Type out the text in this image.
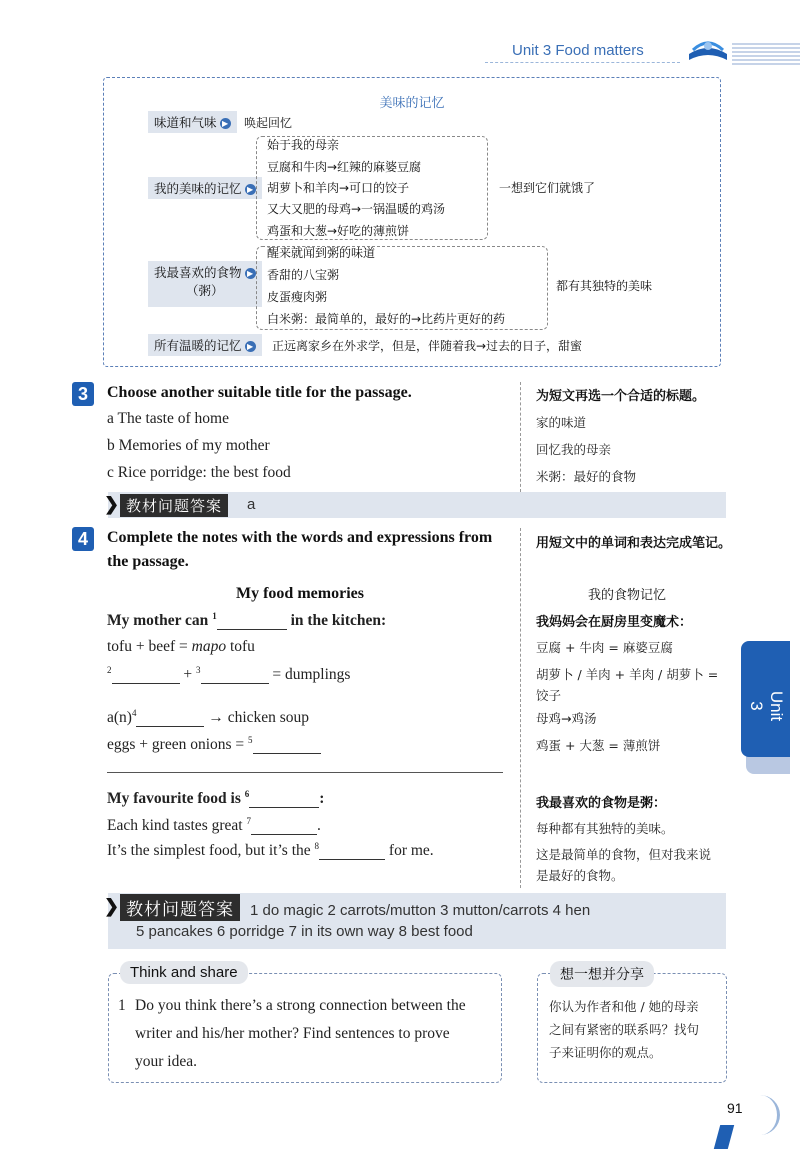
Unit 3 Food matters
美味的记忆
味道和气味 ▶	唤起回忆
我的美味的记忆 ▶
始于我的母亲
豆腐和牛肉→红辣的麻婆豆腐
胡萝卜和羊肉→可口的饺子
又大又肥的母鸡→一锅温暖的鸡汤
鸡蛋和大葱→好吃的薄煎饼
一想到它们就饿了
我最喜欢的食物 ▶
（粥）
醒来就闻到粥的味道
香甜的八宝粥
皮蛋瘦肉粥
白米粥：最简单的，最好的→比药片更好的药
都有其独特的美味
所有温暖的记忆 ▶	正远离家乡在外求学，但是，伴随着我→过去的日子，甜蜜
3	Choose another suitable title for the passage.	为短文再选一个合适的标题。
a The taste of home
b Memories of my mother
c Rice porridge: the best food
家的味道
回忆我的母亲
米粥：最好的食物
❯ 教材问题答案	a
4	Complete the notes with the words and expressions from
the passage.
用短文中的单词和表达完成笔记。
My food memories	我的食物记忆
My mother can $^1$	in the kitchen:
tofu + beef = mapo tofu
$^2$	+ $^3$	= dumplings
$a(n)^4$	→ chicken soup
eggs + green onions = $^5$
My favourite food is $^6$	:
Each kind tastes great $^7$	.
It’s the simplest food, but it’s the $^8$	for me.
我妈妈会在厨房里变魔术：
豆腐 + 牛肉 = 麻婆豆腐
胡萝卜 / 羊肉 + 羊肉 / 胡萝卜 =
饺子
母鸡→鸡汤
鸡蛋 + 大葱 = 薄煎饼
我最喜欢的食物是粥：
每种都有其独特的美味。
这是最简单的食物，但对我来说
是最好的食物。
❯ 教材问题答案	1 do magic 2 carrots/mutton 3 mutton/carrots 4 hen
5 pancakes 6 porridge 7 in its own way 8 best food
Unit 3
Think and share
1 Do you think there’s a strong connection between the
writer and his/her mother? Find sentences to prove
your idea.
想一想并分享
你认为作者和他 / 她的母亲
之间有紧密的联系吗？找句
子来证明你的观点。
91
